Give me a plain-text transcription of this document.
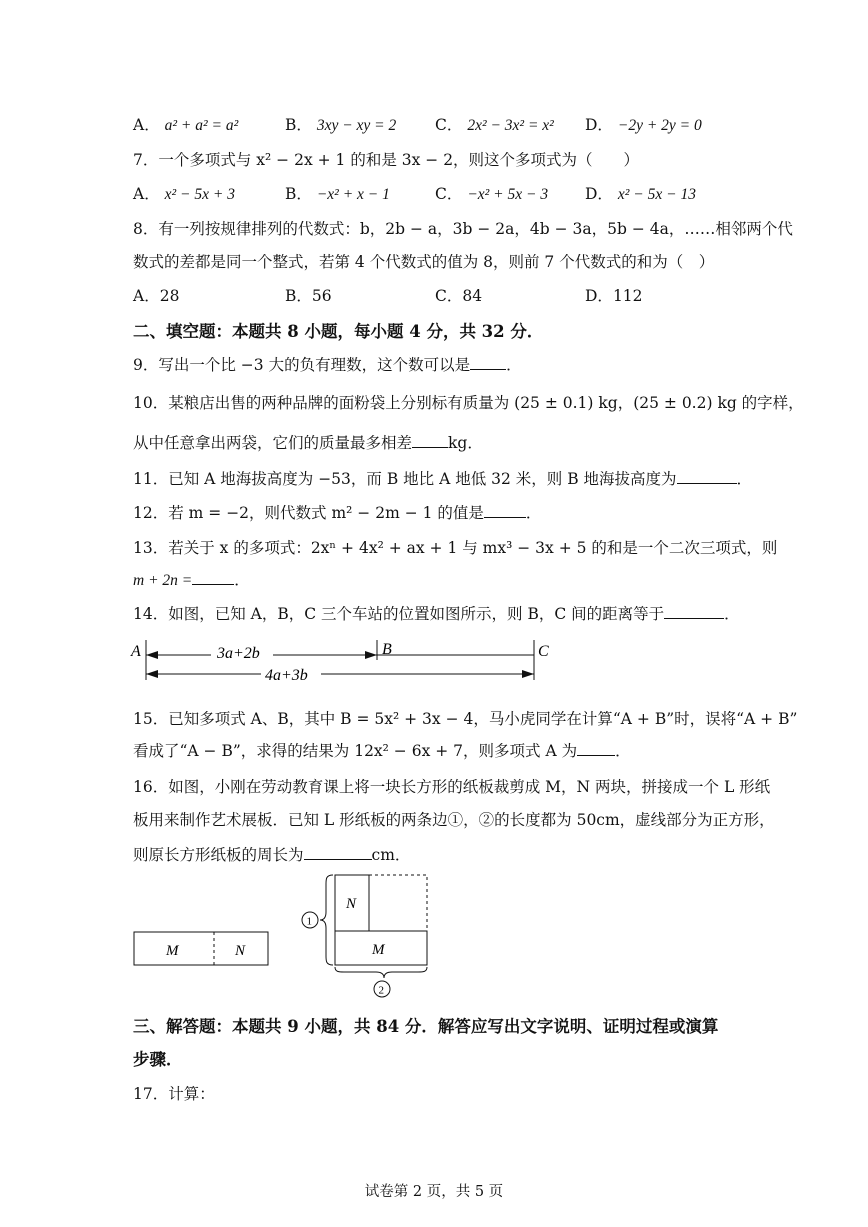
A． a² + a² = a²	B． 3xy − xy = 2 C． 2x² − 3x² = x² D． −2y + 2y = 0
7．一个多项式与 x² − 2x + 1 的和是 3x − 2，则这个多项式为（　　）
A． x² − 5x + 3	B． −x² + x − 1	C． −x² + 5x − 3 D． x² − 5x − 13
8．有一列按规律排列的代数式：b，2b − a，3b − 2a，4b − 3a，5b − 4a，……相邻两个代
数式的差都是同一个整式，若第 4 个代数式的值为 8，则前 7 个代数式的和为（　）
A．28	B．56	C．84	D．112
二、填空题：本题共 8 小题，每小题 4 分，共 32 分．
9．写出一个比 −3 大的负有理数，这个数可以是 ．
10．某粮店出售的两种品牌的面粉袋上分别标有质量为 (25 ± 0.1) kg，(25 ± 0.2) kg 的字样，
从中任意拿出两袋，它们的质量最多相差 kg．
11．已知 A 地海拔高度为 −53，而 B 地比 A 地低 32 米，则 B 地海拔高度为	．
12．若 m = −2，则代数式 m² − 2m − 1 的值是	．
13．若关于 x 的多项式：2xⁿ + 4x² + ax + 1 与 mx³ − 3x + 5 的和是一个二次三项式，则
m + 2n =	．
14．如图，已知 A，B，C 三个车站的位置如图所示，则 B，C 间的距离等于	．
A	B	C
3a+2b
4a+3b
15．已知多项式 A、B，其中 B = 5x² + 3x − 4，马小虎同学在计算“A + B”时，误将“A + B”
看成了“A − B”，求得的结果为 12x² − 6x + 7，则多项式 A 为 ．
16．如图，小刚在劳动教育课上将一块长方形的纸板裁剪成 M，N 两块，拼接成一个 L 形纸
板用来制作艺术展板．已知 L 形纸板的两条边①，②的长度都为 50cm，虚线部分为正方形，
则原长方形纸板的周长为	cm．
M	N
N
M
1
2
三、解答题：本题共 9 小题，共 84 分．解答应写出文字说明、证明过程或演算
步骤．
17．计算：
试卷第 2 页，共 5 页
